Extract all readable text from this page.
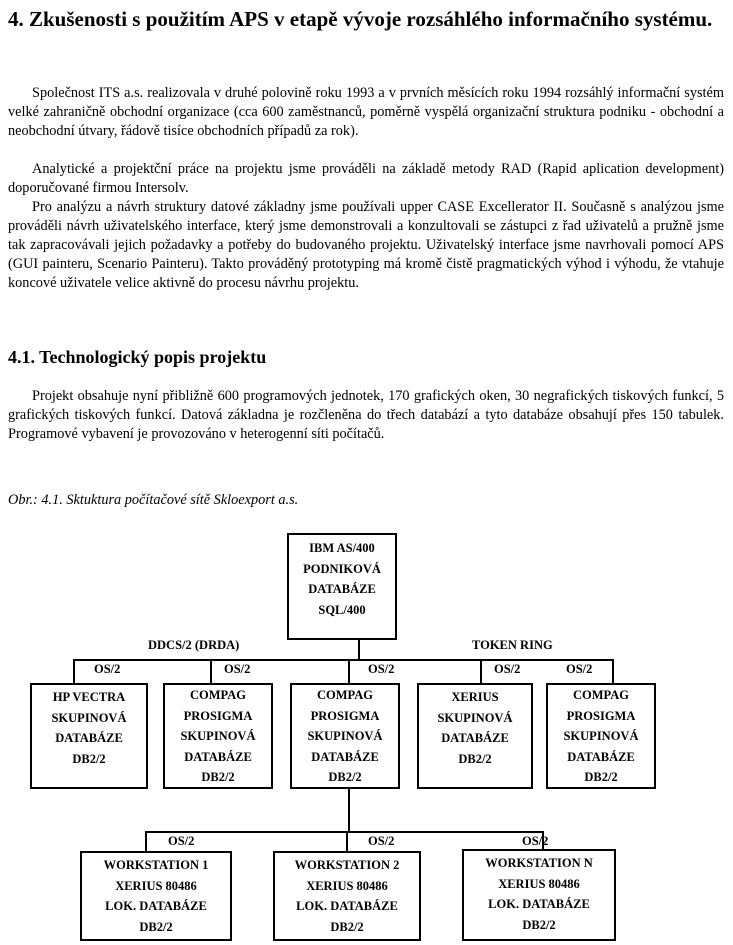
4. Zkušenosti s použitím APS v etapě vývoje rozsáhlého informačního systému.

Společnost ITS a.s. realizovala v druhé polovině roku 1993 a v prvních měsících roku 1994 rozsáhlý informační systém velké zahraničně obchodní organizace (cca 600 zaměstnanců, poměrně vyspělá organizační struktura podniku - obchodní a neobchodní útvary, řádově tisíce obchodních případů za rok).

Analytické a projektční práce na projektu jsme prováděli na základě metody RAD (Rapid aplication development) doporučované firmou Intersolv.

Pro analýzu a návrh struktury datové základny jsme používali upper CASE Excellerator II. Současně s analýzou jsme prováděli návrh uživatelského interface, který jsme demonstrovali a konzultovali se zástupci z řad uživatelů a pružně jsme tak zapracovávali jejich požadavky a potřeby do budovaného projektu. Uživatelský interface jsme navrhovali pomocí APS (GUI painteru, Scenario Painteru). Takto prováděný prototyping má kromě čistě pragmatických výhod i výhodu, že vtahuje koncové uživatele velice aktivně do procesu návrhu projektu.

4.1. Technologický popis projektu

Projekt obsahuje nyní přibližně 600 programových jednotek, 170 grafických oken, 30 negrafických tiskových funkcí, 5 grafických tiskových funkcí. Datová základna je rozčleněna do třech databází a tyto databáze obsahují přes 150 tabulek. Programové vybavení je provozováno v heterogenní síti počítačů.

Obr.: 4.1. Sktuktura počítačové sítě Skloexport a.s.
DDCS/2 (DRDA)	TOKEN RING
OS/2	OS/2	OS/2	OS/2	OS/2
OS/2	OS/2	OS/2
IBM AS/400
PODNIKOVÁ
DATABÁZE
SQL/400
HP VECTRA
SKUPINOVÁ
DATABÁZE
DB2/2
COMPAG
PROSIGMA
SKUPINOVÁ
DATABÁZE
DB2/2
COMPAG
PROSIGMA
SKUPINOVÁ
DATABÁZE
DB2/2
XERIUS
SKUPINOVÁ
DATABÁZE
DB2/2
COMPAG
PROSIGMA
SKUPINOVÁ
DATABÁZE
DB2/2
WORKSTATION 1
XERIUS 80486
LOK. DATABÁZE
DB2/2
WORKSTATION 2
XERIUS 80486
LOK. DATABÁZE
DB2/2
WORKSTATION N
XERIUS 80486
LOK. DATABÁZE
DB2/2
